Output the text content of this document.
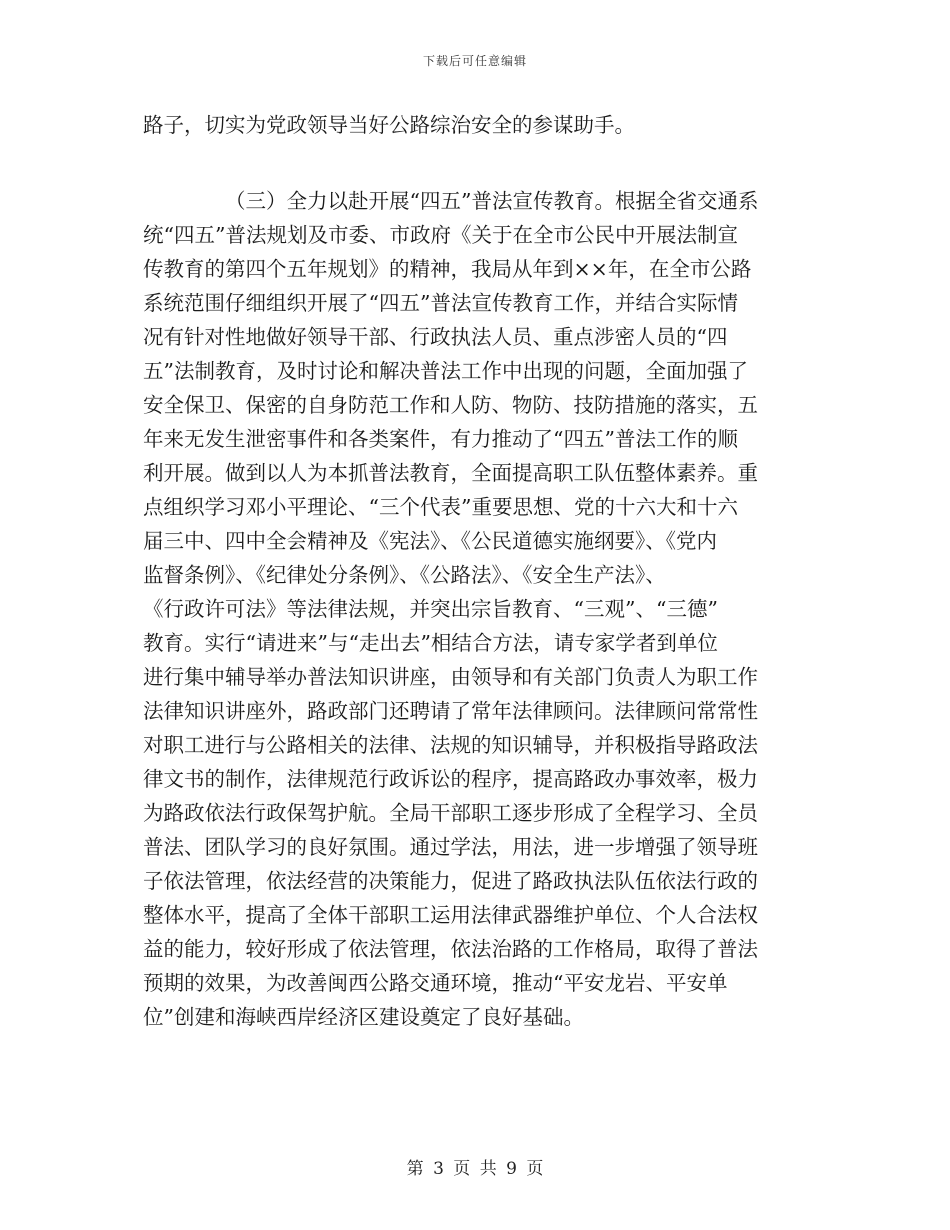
下载后可任意编辑
路子，切实为党政领导当好公路综治安全的参谋助手。
（三）全力以赴开展“四五”普法宣传教育。根据全省交通系
统“四五”普法规划及市委、市政府《关于在全市公民中开展法制宣
传教育的第四个五年规划》的精神，我局从年到××年，在全市公路
系统范围仔细组织开展了“四五”普法宣传教育工作，并结合实际情
况有针对性地做好领导干部、行政执法人员、重点涉密人员的“四
五”法制教育，及时讨论和解决普法工作中出现的问题，全面加强了
安全保卫、保密的自身防范工作和人防、物防、技防措施的落实，五
年来无发生泄密事件和各类案件，有力推动了“四五”普法工作的顺
利开展。做到以人为本抓普法教育，全面提高职工队伍整体素养。重
点组织学习邓小平理论、“三个代表”重要思想、党的十六大和十六
届三中、四中全会精神及《宪法》、《公民道德实施纲要》、《党内
监督条例》、《纪律处分条例》、《公路法》、《安全生产法》、
《行政许可法》等法律法规，并突出宗旨教育、“三观”、“三德”
教育。实行“请进来”与“走出去”相结合方法，请专家学者到单位
进行集中辅导举办普法知识讲座，由领导和有关部门负责人为职工作
法律知识讲座外，路政部门还聘请了常年法律顾问。法律顾问常常性
对职工进行与公路相关的法律、法规的知识辅导，并积极指导路政法
律文书的制作，法律规范行政诉讼的程序，提高路政办事效率，极力
为路政依法行政保驾护航。全局干部职工逐步形成了全程学习、全员
普法、团队学习的良好氛围。通过学法，用法，进一步增强了领导班
子依法管理，依法经营的决策能力，促进了路政执法队伍依法行政的
整体水平，提高了全体干部职工运用法律武器维护单位、个人合法权
益的能力，较好形成了依法管理，依法治路的工作格局，取得了普法
预期的效果，为改善闽西公路交通环境，推动“平安龙岩、平安单
位”创建和海峡西岸经济区建设奠定了良好基础。
第 3 页 共 9 页
